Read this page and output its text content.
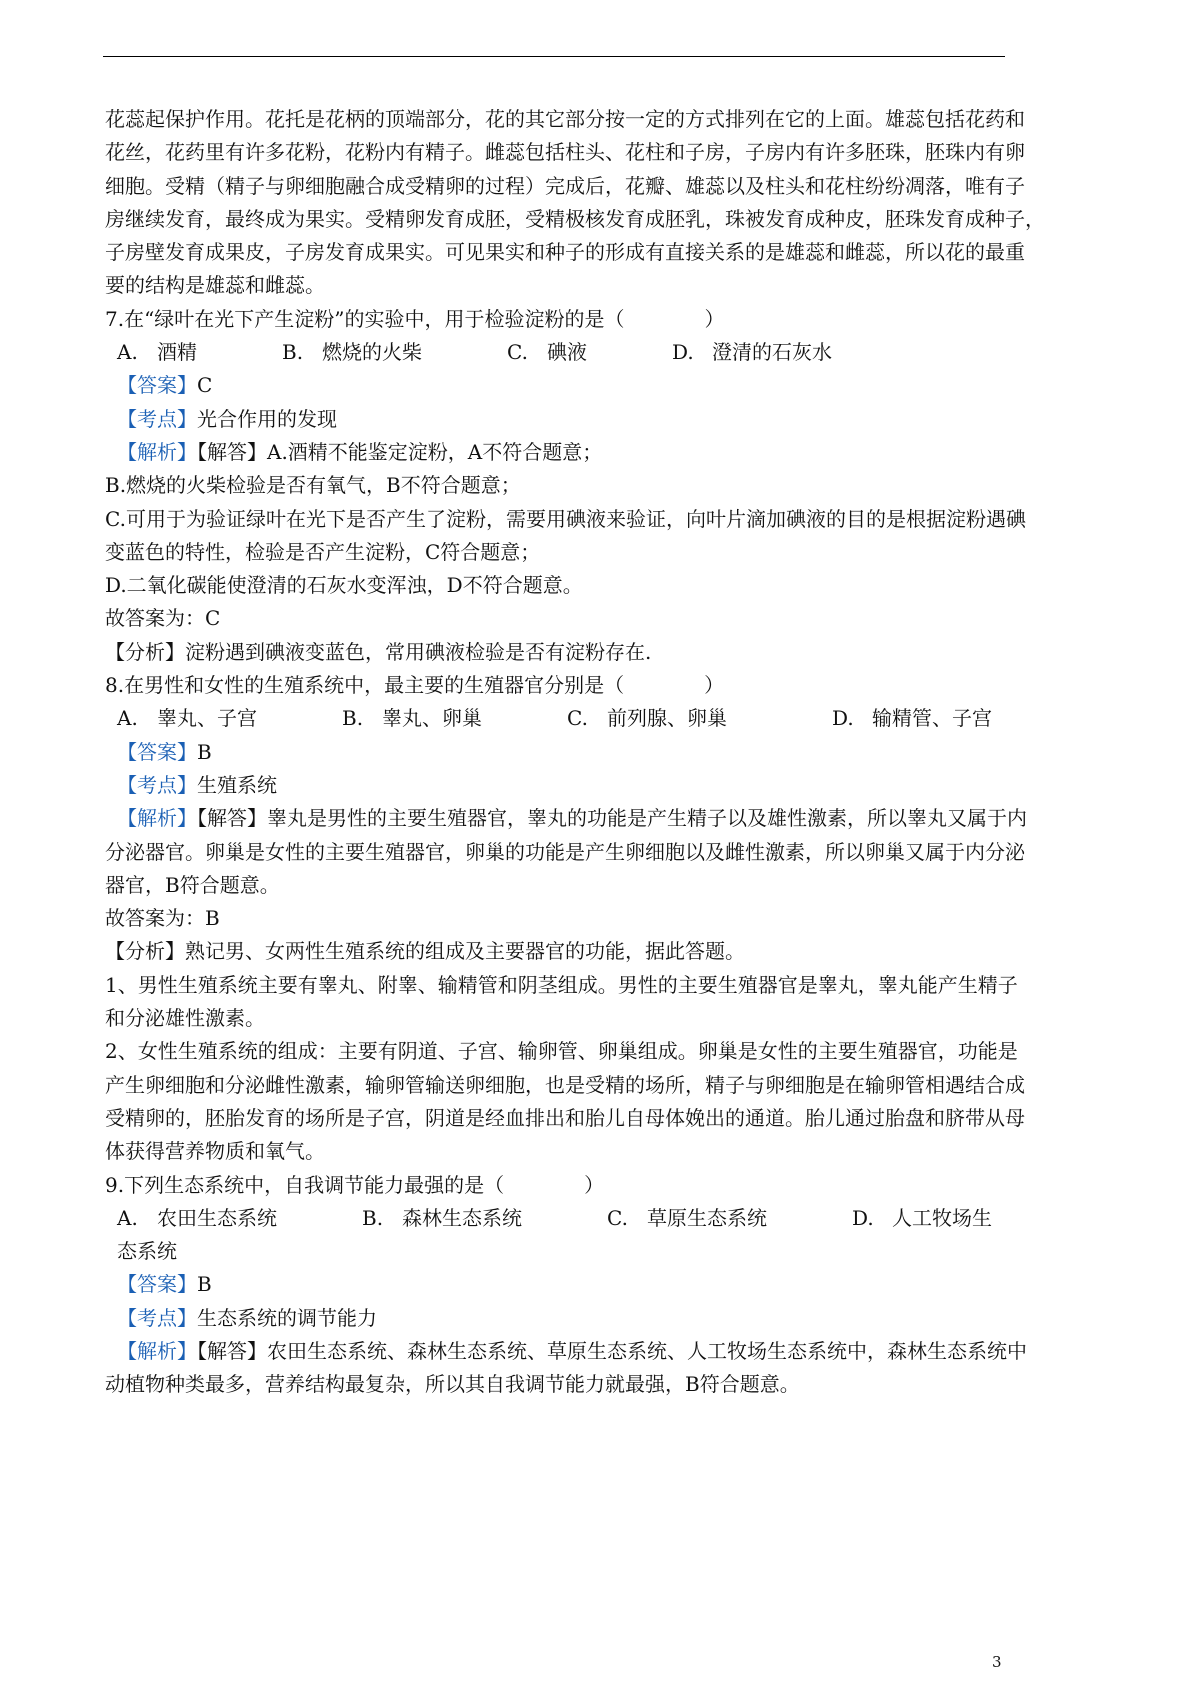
花蕊起保护作用。花托是花柄的顶端部分，花的其它部分按一定的方式排列在它的上面。雄蕊包括花药和
花丝，花药里有许多花粉，花粉内有精子。雌蕊包括柱头、花柱和子房，子房内有许多胚珠，胚珠内有卵
细胞。受精（精子与卵细胞融合成受精卵的过程）完成后，花瓣、雄蕊以及柱头和花柱纷纷凋落，唯有子
房继续发育，最终成为果实。受精卵发育成胚，受精极核发育成胚乳，珠被发育成种皮，胚珠发育成种子，
子房壁发育成果皮，子房发育成果实。可见果实和种子的形成有直接关系的是雄蕊和雌蕊，所以花的最重
要的结构是雄蕊和雌蕊。
7.在“绿叶在光下产生淀粉”的实验中，用于检验淀粉的是（　　　　）
A. 酒精	B. 燃烧的火柴	C. 碘液	D. 澄清的石灰水
【答案】C
【考点】光合作用的发现
【解析】【解答】A.酒精不能鉴定淀粉，A不符合题意；
B.燃烧的火柴检验是否有氧气，B不符合题意；
C.可用于为验证绿叶在光下是否产生了淀粉，需要用碘液来验证，向叶片滴加碘液的目的是根据淀粉遇碘
变蓝色的特性，检验是否产生淀粉，C符合题意；
D.二氧化碳能使澄清的石灰水变浑浊，D不符合题意。
故答案为：C
【分析】淀粉遇到碘液变蓝色，常用碘液检验是否有淀粉存在.
8.在男性和女性的生殖系统中，最主要的生殖器官分别是（　　　　）
A. 睾丸、子宫	B. 睾丸、卵巢	C. 前列腺、卵巢	D. 输精管、子宫
【答案】B
【考点】生殖系统
【解析】【解答】睾丸是男性的主要生殖器官，睾丸的功能是产生精子以及雄性激素，所以睾丸又属于内
分泌器官。卵巢是女性的主要生殖器官，卵巢的功能是产生卵细胞以及雌性激素，所以卵巢又属于内分泌
器官，B符合题意。
故答案为：B
【分析】熟记男、女两性生殖系统的组成及主要器官的功能，据此答题。
1、男性生殖系统主要有睾丸、附睾、输精管和阴茎组成。男性的主要生殖器官是睾丸，睾丸能产生精子
和分泌雄性激素。
2、女性生殖系统的组成：主要有阴道、子宫、输卵管、卵巢组成。卵巢是女性的主要生殖器官，功能是
产生卵细胞和分泌雌性激素，输卵管输送卵细胞，也是受精的场所，精子与卵细胞是在输卵管相遇结合成
受精卵的，胚胎发育的场所是子宫，阴道是经血排出和胎儿自母体娩出的通道。胎儿通过胎盘和脐带从母
体获得营养物质和氧气。
9.下列生态系统中，自我调节能力最强的是（　　　　）
A. 农田生态系统	B. 森林生态系统	C. 草原生态系统	D. 人工牧场生
态系统
【答案】B
【考点】生态系统的调节能力
【解析】【解答】农田生态系统、森林生态系统、草原生态系统、人工牧场生态系统中，森林生态系统中
动植物种类最多，营养结构最复杂，所以其自我调节能力就最强，B符合题意。
3
